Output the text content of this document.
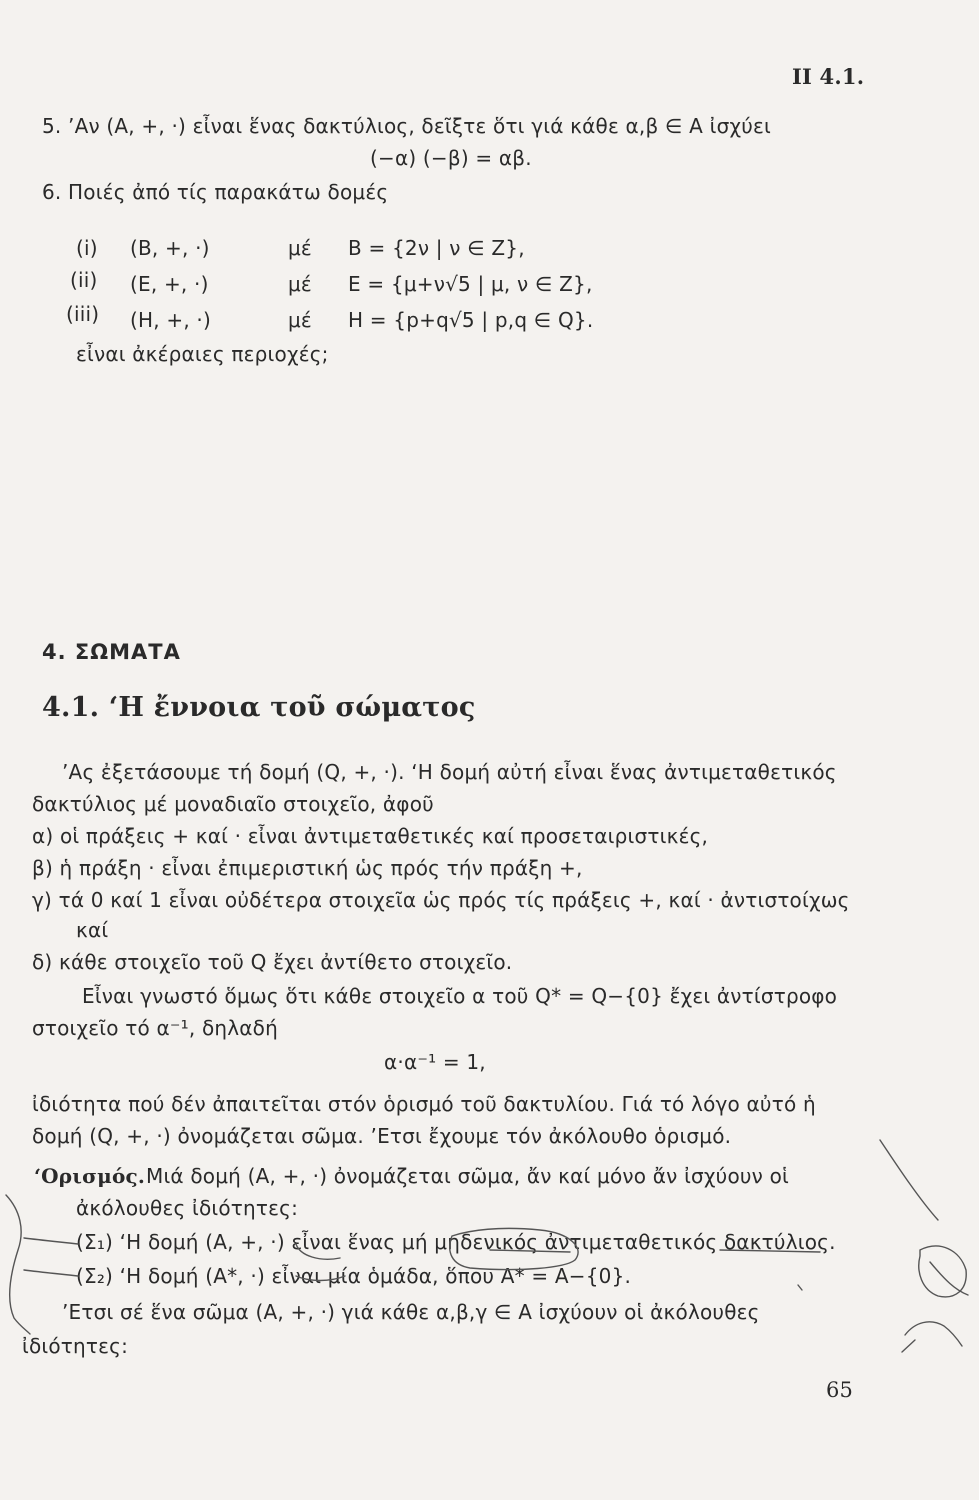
II 4.1.
5. ’Αν (A, +, ·) εἶναι ἕνας δακτύλιος, δεῖξτε ὅτι γιά κάθε α,β ∈ A ἰσχύει
(−α) (−β) = αβ.
6. Ποιές ἀπό τίς παρακάτω δομές
(i) (B, +, ·)	μέ B = {2ν | ν ∈ Z},
(ii) (E, +, ·)	μέ E = {μ+ν√5 | μ, ν ∈ Z},
(iii) (H, +, ·)	μέ H = {p+q√5 | p,q ∈ Q}.
εἶναι ἀκέραιες περιοχές;
4. ΣΩΜΑΤΑ
4.1. ‘Η ἔννοια τοῦ σώματος
’Ας ἐξετάσουμε τή δομή (Q, +, ·). ‘Η δομή αὐτή εἶναι ἕνας ἀντιμεταθετικός
δακτύλιος μέ μοναδιαῖο στοιχεῖο, ἀφοῦ
α) οἱ πράξεις + καί · εἶναι ἀντιμεταθετικές καί προσεταιριστικές,
β) ἡ πράξη · εἶναι ἐπιμεριστική ὡς πρός τήν πράξη +,
γ) τά 0 καί 1 εἶναι οὐδέτερα στοιχεῖα ὡς πρός τίς πράξεις +, καί · ἀντιστοίχως
καί
δ) κάθε στοιχεῖο τοῦ Q ἔχει ἀντίθετο στοιχεῖο.
Εἶναι γνωστό ὅμως ὅτι κάθε στοιχεῖο α τοῦ Q* = Q−{0} ἔχει ἀντίστροφο
στοιχεῖο τό α⁻¹, δηλαδή
α·α⁻¹ = 1,
ἰδιότητα πού δέν ἀπαιτεῖται στόν ὁρισμό τοῦ δακτυλίου. Γιά τό λόγο αὐτό ἡ
δομή (Q, +, ·) ὀνομάζεται σῶμα. ’Ετσι ἔχουμε τόν ἀκόλουθο ὁρισμό.
‘Ορισμός. Μιά δομή (A, +, ·) ὀνομάζεται σῶμα, ἄν καί μόνο ἄν ἰσχύουν οἱ
ἀκόλουθες ἰδιότητες:
(Σ₁) ‘Η δομή (A, +, ·) εἶναι ἕνας μή μηδενικός ἀντιμεταθετικός δακτύλιος.
(Σ₂) ‘Η δομή (A*, ·) εἶναι μία ὁμάδα, ὅπου A* = A−{0}.
’Ετσι σέ ἕνα σῶμα (A, +, ·) γιά κάθε α,β,γ ∈ A ἰσχύουν οἱ ἀκόλουθες
ἰδιότητες:
65
